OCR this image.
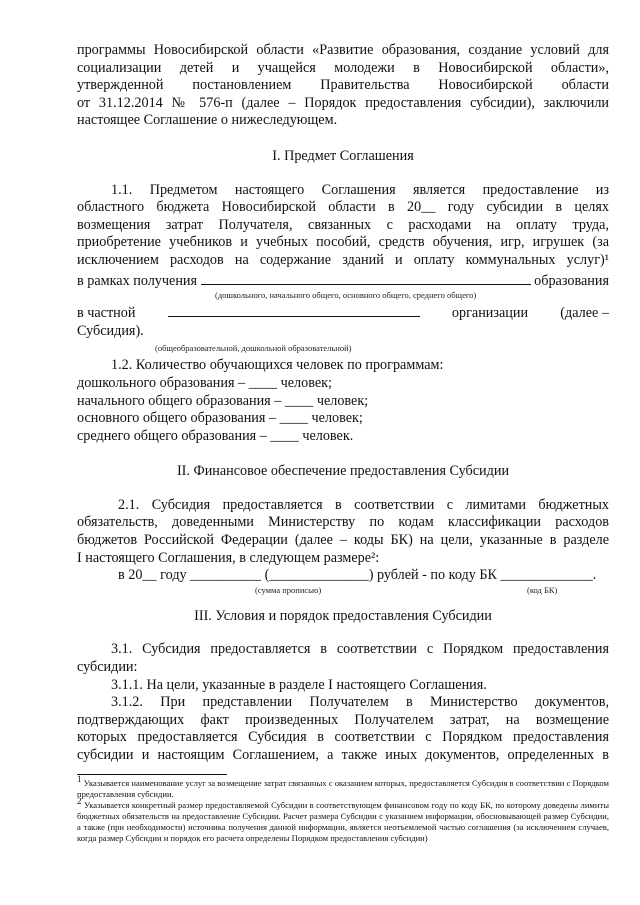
программы Новосибирской области «Развитие образования, создание условий для

социализации детей и учащейся молодежи в Новосибирской области»,

утвержденной постановлением Правительства Новосибирской области

от 31.12.2014 № 576-п (далее – Порядок предоставления субсидии), заключили

настоящее Соглашение о нижеследующем.

I. Предмет Соглашения

1.1. Предметом настоящего Соглашения является предоставление из

областного бюджета Новосибирской области в 20__ году субсидии в целях

возмещения затрат Получателя, связанных с расходами на оплату труда,

приобретение учебников и учебных пособий, средств обучения, игр, игрушек (за

исключением расходов на содержание зданий и оплату коммунальных услуг)¹

в рамках получения	образования

(дошкольного, начального общего, основного общего, среднего общего)

в частной	организации (далее –

Субсидия).

(общеобразовательной, дошкольной образовательной)

1.2. Количество обучающихся человек по программам:

дошкольного образования – ____ человек;

начального общего образования – ____ человек;

основного общего образования – ____ человек;

среднего общего образования – ____ человек.

II. Финансовое обеспечение предоставления Субсидии

2.1. Субсидия предоставляется в соответствии с лимитами бюджетных

обязательств, доведенными Министерству по кодам классификации расходов

бюджетов Российской Федерации (далее – коды БК) на цели, указанные в разделе

I настоящего Соглашения, в следующем размере²:

в 20__ году __________ (______________) рублей - по коду БК _____________.

(сумма прописью)	(код БК)

III. Условия и порядок предоставления Субсидии

3.1. Субсидия предоставляется в соответствии с Порядком предоставления

субсидии:

3.1.1. На цели, указанные в разделе I настоящего Соглашения.

3.1.2. При представлении Получателем в Министерство документов,

подтверждающих факт произведенных Получателем затрат, на возмещение

которых предоставляется Субсидия в соответствии с Порядком предоставления

субсидии и настоящим Соглашением, а также иных документов, определенных в

1 Указывается наименование услуг за возмещение затрат связанных с оказанием которых, предоставляется Субсидия в соответствии с Порядком предоставления субсидии.

2 Указывается конкретный размер предоставляемой Субсидии в соответствующем финансовом году по коду БК, по которому доведены лимиты бюджетных обязательств на предоставление Субсидии. Расчет размера Субсидии с указанием информации, обосновывающей размер Субсидии, а также (при необходимости) источника получения данной информации, является неотъемлемой частью соглашения (за исключением случаев, когда размер Субсидии и порядок его расчета определены Порядком предоставления субсидии)
